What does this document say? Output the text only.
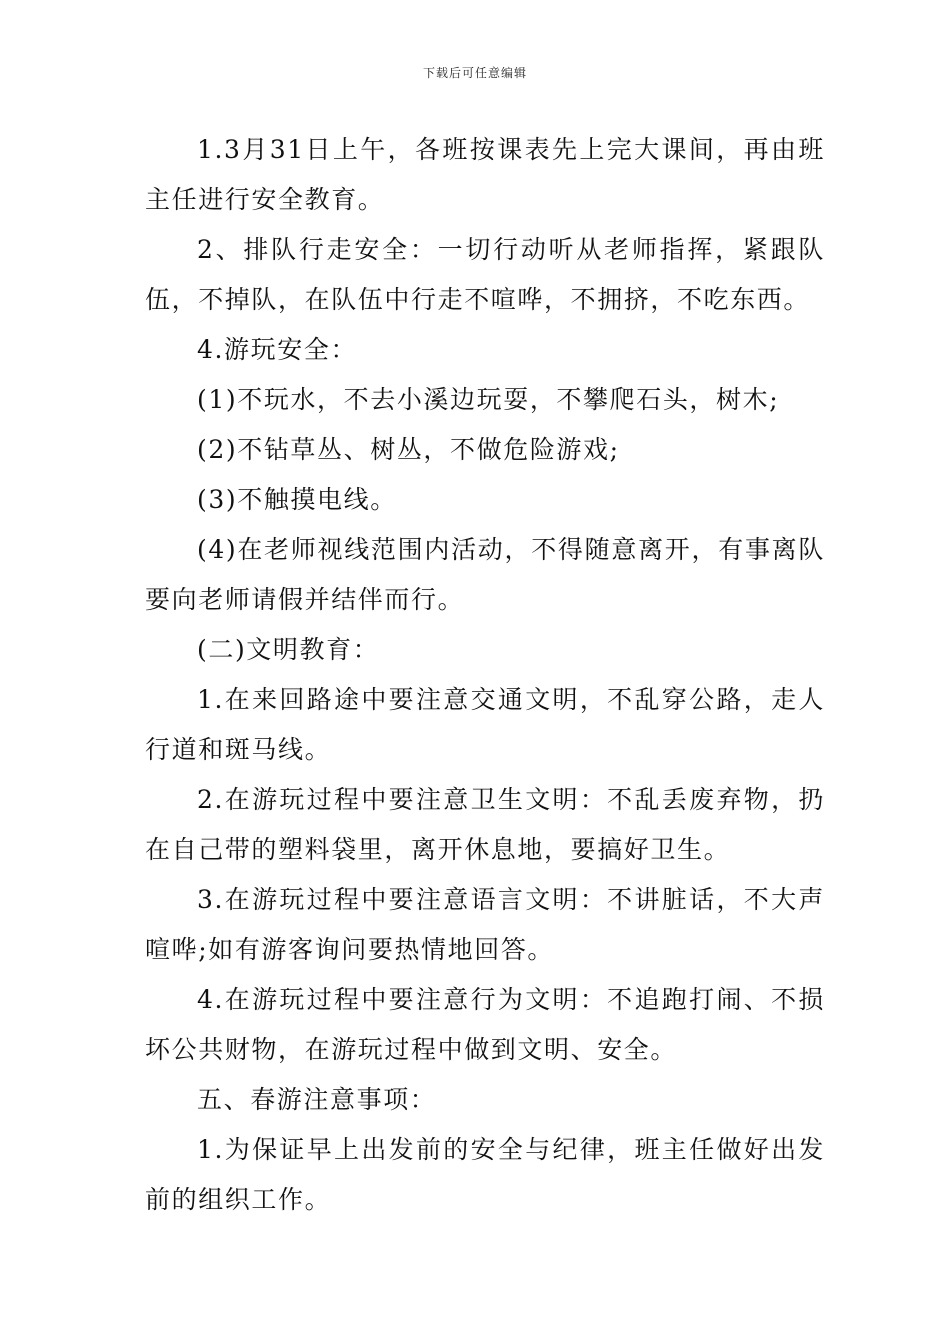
下载后可任意编辑

1.3月31日上午，各班按课表先上完大课间，再由班主任进行安全教育。

2、排队行走安全：一切行动听从老师指挥，紧跟队伍，不掉队，在队伍中行走不喧哗，不拥挤，不吃东西。

4.游玩安全：

(1)不玩水，不去小溪边玩耍，不攀爬石头，树木;

(2)不钻草丛、树丛，不做危险游戏;

(3)不触摸电线。

(4)在老师视线范围内活动，不得随意离开，有事离队要向老师请假并结伴而行。

(二)文明教育：

1.在来回路途中要注意交通文明，不乱穿公路，走人行道和斑马线。

2.在游玩过程中要注意卫生文明：不乱丢废弃物，扔在自己带的塑料袋里，离开休息地，要搞好卫生。

3.在游玩过程中要注意语言文明：不讲脏话，不大声喧哗;如有游客询问要热情地回答。

4.在游玩过程中要注意行为文明：不追跑打闹、不损坏公共财物，在游玩过程中做到文明、安全。

五、春游注意事项：

1.为保证早上出发前的安全与纪律，班主任做好出发前的组织工作。
